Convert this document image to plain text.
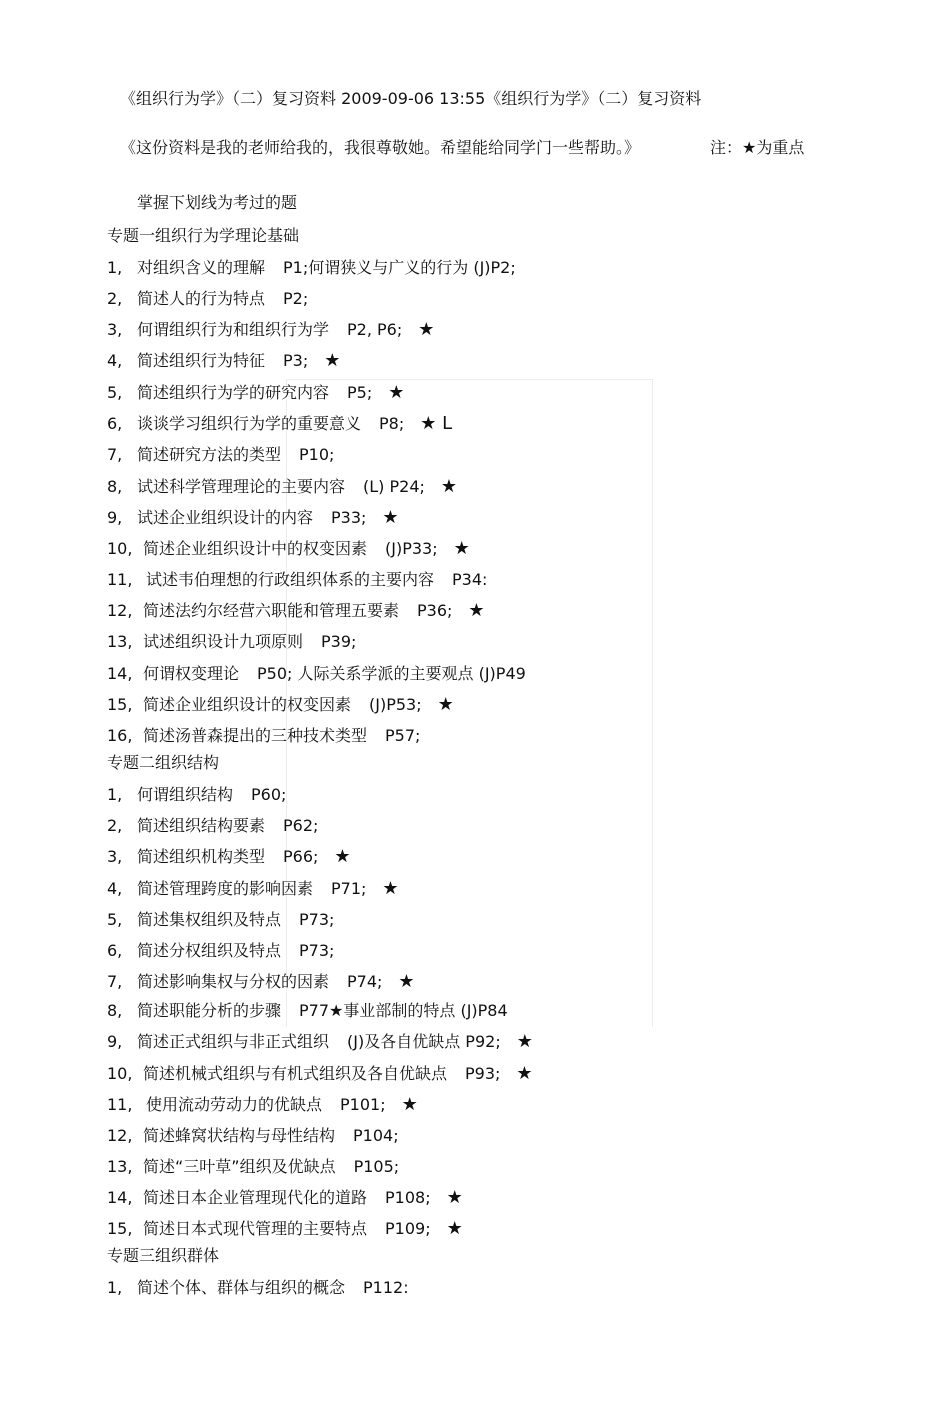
《组织行为学》（二）复习资料 2009-09-06 13:55《组织行为学》（二）复习资料
《这份资料是我的老师给我的，我很尊敬她。希望能给同学门一些帮助。》	注：★为重点
掌握下划线为考过的题
专题一组织行为学理论基础
1, 对组织含义的理解 P1;何谓狭义与广义的行为 (J)P2;
2, 简述人的行为特点 P2;
3, 何谓组织行为和组织行为学 P2, P6; ★
4, 简述组织行为特征 P3; ★
5, 简述组织行为学的研究内容 P5; ★
6, 谈谈学习组织行为学的重要意义 P8; ★ L
7, 简述研究方法的类型 P10;
8, 试述科学管理理论的主要内容 (L) P24; ★
9, 试述企业组织设计的内容 P33; ★
10, 简述企业组织设计中的权变因素 (J)P33; ★
11, 试述韦伯理想的行政组织体系的主要内容 P34:
12, 简述法约尔经营六职能和管理五要素 P36; ★
13, 试述组织设计九项原则 P39;
14, 何谓权变理论 P50; 人际关系学派的主要观点 (J)P49
15, 简述企业组织设计的权变因素 (J)P53; ★
16, 简述汤普森提出的三种技术类型 P57;
专题二组织结构
1, 何谓组织结构 P60;
2, 简述组织结构要素 P62;
3, 简述组织机构类型 P66; ★
4, 简述管理跨度的影响因素 P71; ★
5, 简述集权组织及特点 P73;
6, 简述分权组织及特点 P73;
7, 简述影响集权与分权的因素 P74; ★
8, 简述职能分析的步骤 P77★事业部制的特点 (J)P84
9, 简述正式组织与非正式组织 (J)及各自优缺点 P92; ★
10, 简述机械式组织与有机式组织及各自优缺点 P93; ★
11, 使用流动劳动力的优缺点 P101; ★
12, 简述蜂窝状结构与母性结构 P104;
13, 简述“三叶草”组织及优缺点 P105;
14, 简述日本企业管理现代化的道路 P108; ★
15, 简述日本式现代管理的主要特点 P109; ★
专题三组织群体
1, 简述个体、群体与组织的概念 P112:
